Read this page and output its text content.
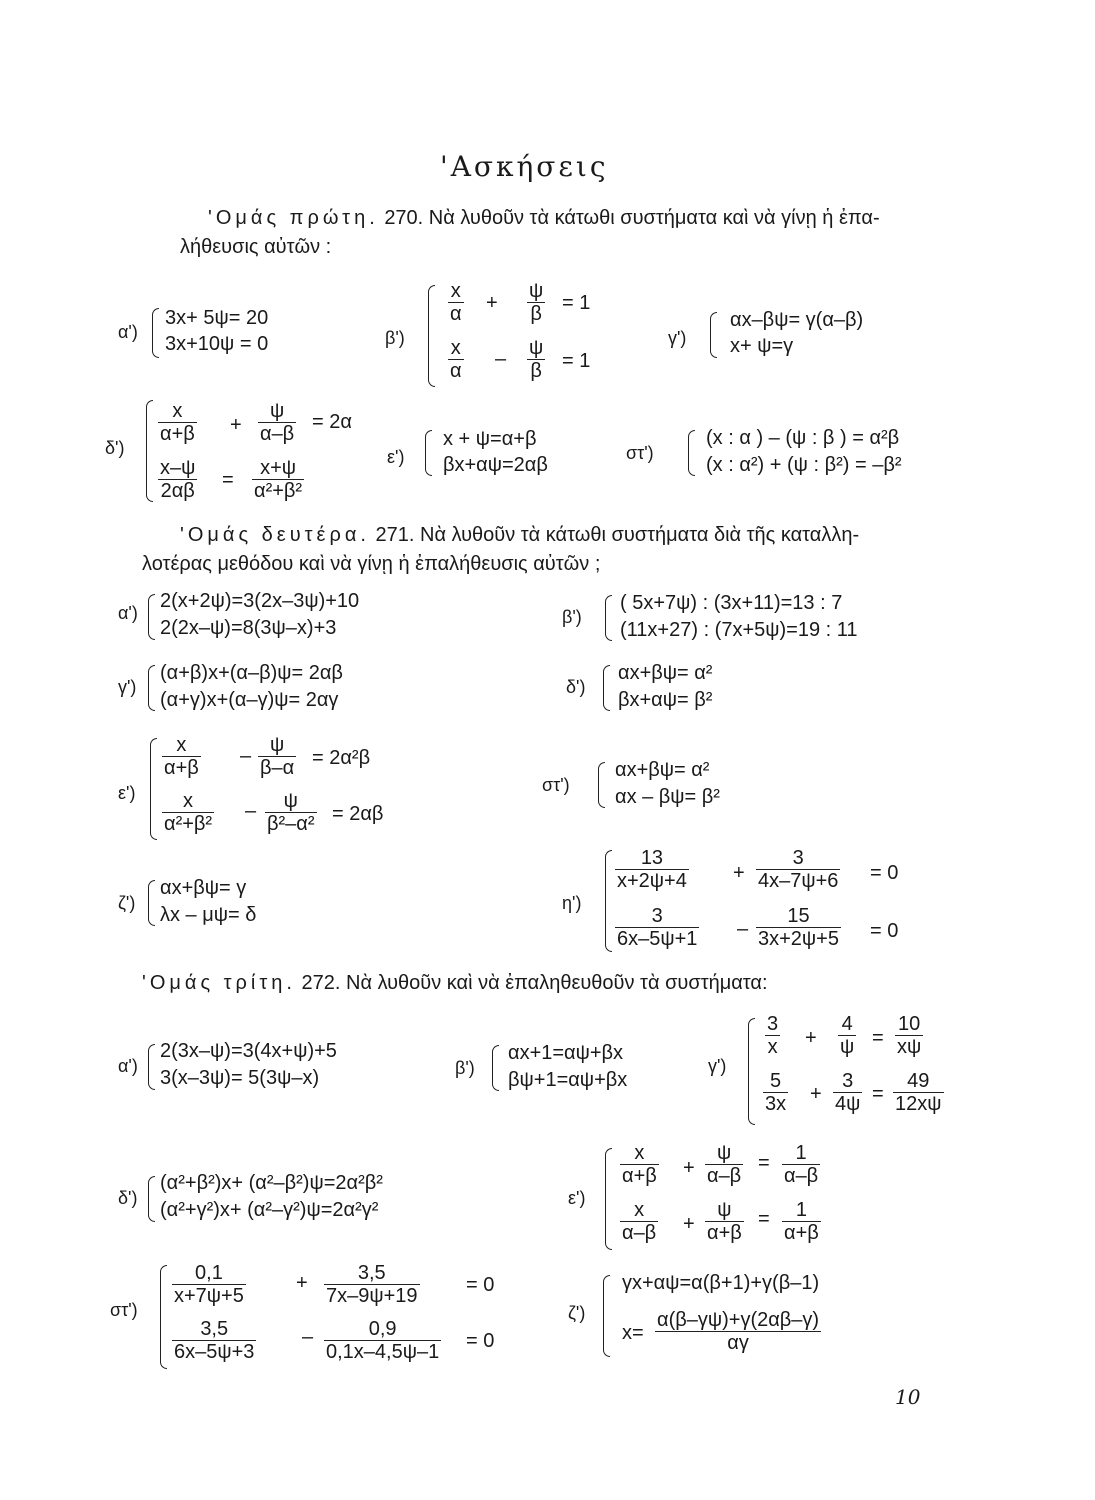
'Ασκήσεις
'Ομάς πρώτη. 270. Νὰ λυθοῦν τὰ κάτωθι συστήματα καὶ νὰ γίνῃ ἡ ἐπα-
λήθευσις αὐτῶν :
α')
3x+ 5ψ= 20
3x+10ψ = 0	β')
x
α +
ψ
β = 1
x
α
– ψ
β = 1
γ')
αx–βψ= γ(α–β)
x+ ψ=γ
δ')
x
α+β +
ψ
α–β
= 2α
x–ψ
2αβ =
x+ψ
α²+β²
ε')
x + ψ=α+β
βx+αψ=2αβ
στ')
(x : α ) – (ψ : β ) = α²β
(x : α²) + (ψ : β²) = –β²
'Ομάς δευτέρα. 271. Νὰ λυθοῦν τὰ κάτωθι συστήματα διὰ τῆς καταλλη-
λοτέρας μεθόδου καὶ νὰ γίνῃ ἡ ἐπαλήθευσις αὐτῶν ;
α')
2(x+2ψ)=3(2x–3ψ)+10
2(2x–ψ)=8(3ψ–x)+3	β')
( 5x+7ψ) : (3x+11)=13 : 7
(11x+27) : (7x+5ψ)=19 : 11
γ')
(α+β)x+(α–β)ψ= 2αβ
(α+γ)x+(α–γ)ψ= 2αγ
δ')
αx+βψ= α²
βx+αψ= β²
ε')
x
α+β
– ψ
β–α = 2α²β
x
α²+β²
– ψ
β²–α² = 2αβ
στ')
αx+βψ= α²
αx – βψ= β²
ζ')
αx+βψ= γ
λx – μψ= δ
η')
13
x+2ψ+4 +
3
4x–7ψ+6 = 0
3
6x–5ψ+1 –
15
3x+2ψ+5 = 0
'Ομάς τρίτη. 272. Νὰ λυθοῦν καὶ νὰ ἐπαληθευθοῦν τὰ συστήματα:
α')
2(3x–ψ)=3(4x+ψ)+5
3(x–3ψ)= 5(3ψ–x)	β')
αx+1=αψ+βx
βψ+1=αψ+βx
γ')
3
x +
4
ψ =
10
xψ
5
3x +
3
4ψ =
49
12xψ
δ')
(α²+β²)x+ (α²–β²)ψ=2α²β²
(α²+γ²)x+ (α²–γ²)ψ=2α²γ²
ε')
x
α+β +
ψ
α–β
= 1
α–β
x
α–β +
ψ
α+β
= 1
α+β
στ')
0,1
x+7ψ+5
+	3,5
7x–9ψ+19 = 0
3,5
6x–5ψ+3
–	0,9
0,1x–4,5ψ–1 = 0
ζ')
γx+αψ=α(β+1)+γ(β–1)
x=
α(β–γψ)+γ(2αβ–γ)
αγ
10
